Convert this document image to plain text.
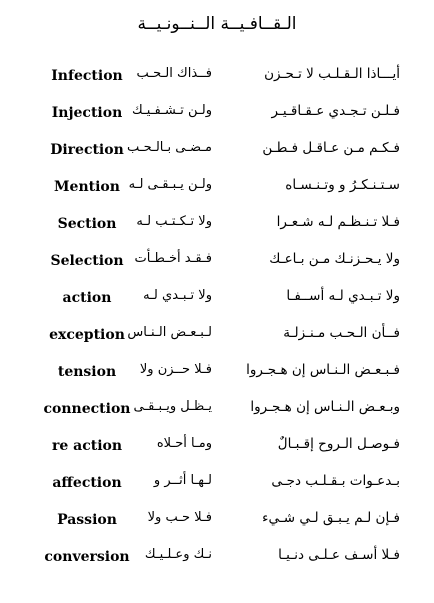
الـقــافـيــة الــنــونـيــة
أيـــاذا الـقـلـب لا تـحـزن
فــذاك الـحـب
Infection
فـلـن تـجـدي عـقـاقـيـر
ولـن تـشـفـيـك
Injection
فـكـم مـن عـاقـل فـطـن
مـضـى بـالـحـب
Direction
سـتـنـكـرُ و وتـنـسـاه
ولـن يـبـقـى لـه
Mention
فـلا تـنـظـم لـه شـعـرا
ولا تـكـتـب لـه
Section
ولا يـحـزنـك مـن بـاعـك
فـقـد أخـطـأت
Selection
ولا تـبـدي لـه أســفـا
ولا تـبـدي لـه
action
فــأن الـحـب مـنـزلـة
لـبـعـض الـنـاس
exception
فـبـعـض الـنـاس إن هـجـروا
فـلا حــزن ولا
tension
وبـعـض الـنـاس إن هـجـروا
يـظـل ويـبـقـى
connection
فـوصـل الـروح إقـبـالٌ
ومـا أحـلاه
re action
بـدعـوات بـقـلـب دجـى
لـهـا أثــر و
affection
فـإن لـم يـبـق لـي شـيء
فـلا حـب ولا
Passion
فـلا أسـف عـلـى دنـيـا
نـك وعـلـيـك
conversion
